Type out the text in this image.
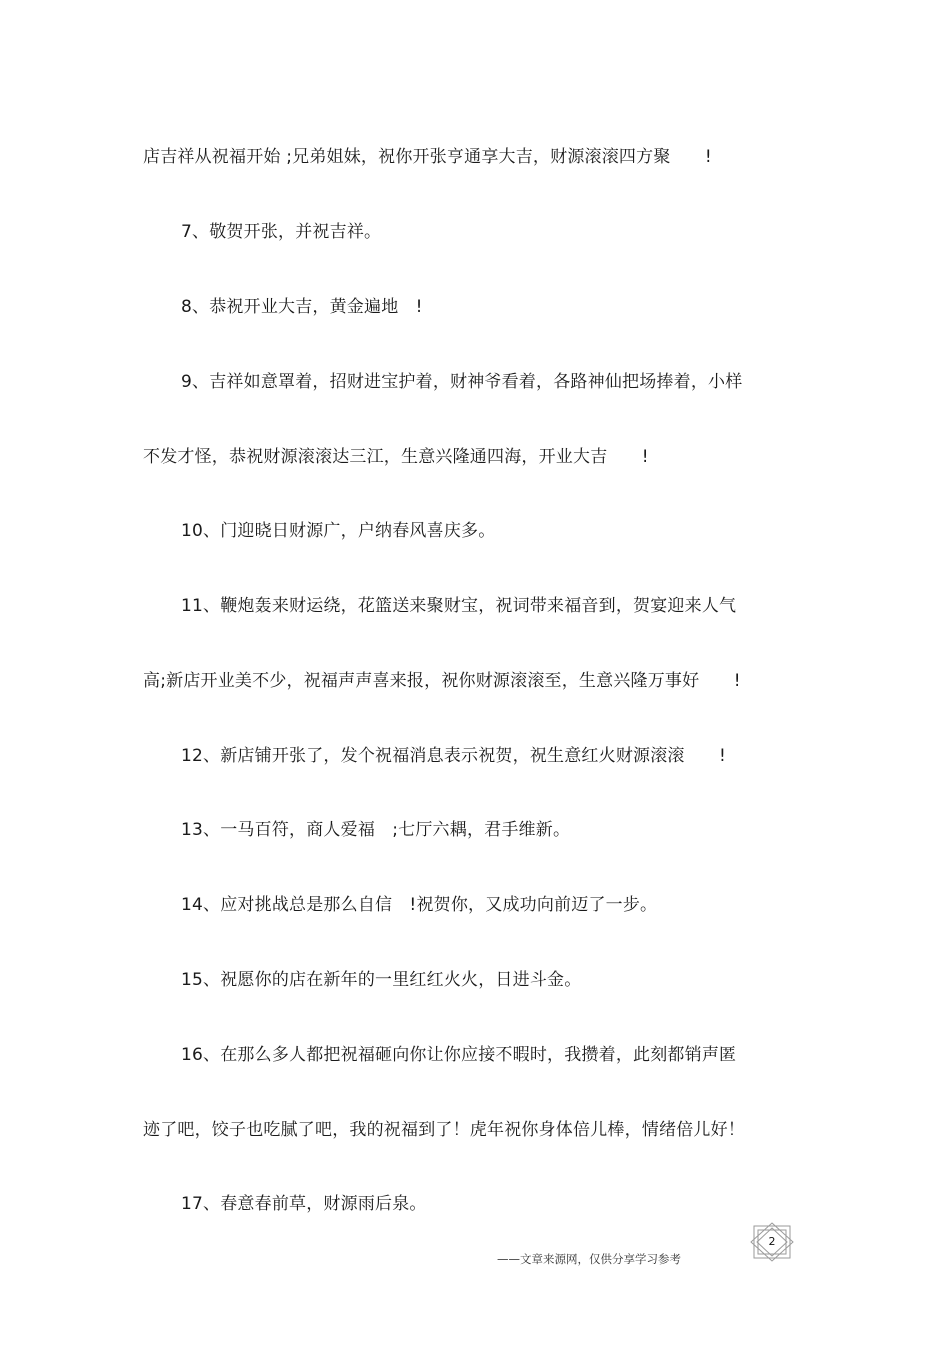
店吉祥从祝福开始 ;兄弟姐妹，祝你开张亨通享大吉，财源滚滚四方聚　　!
7、敬贺开张，并祝吉祥。
8、恭祝开业大吉，黄金遍地　!
9、吉祥如意罩着，招财进宝护着，财神爷看着，各路神仙把场捧着，小样
不发才怪，恭祝财源滚滚达三江，生意兴隆通四海，开业大吉　　!
10、门迎晓日财源广，户纳春风喜庆多。
11、鞭炮轰来财运绕，花篮送来聚财宝，祝词带来福音到，贺宴迎来人气
高;新店开业美不少，祝福声声喜来报，祝你财源滚滚至，生意兴隆万事好　　!
12、新店铺开张了，发个祝福消息表示祝贺，祝生意红火财源滚滚　　!
13、一马百符，商人爱福　;七厅六耦，君手维新。
14、应对挑战总是那么自信　!祝贺你，又成功向前迈了一步。
15、祝愿你的店在新年的一里红红火火，日进斗金。
16、在那么多人都把祝福砸向你让你应接不暇时，我攒着，此刻都销声匿
迹了吧，饺子也吃腻了吧，我的祝福到了！虎年祝你身体倍儿棒，情绪倍儿好！
17、春意春前草，财源雨后泉。
——文章来源网，仅供分享学习参考
2
